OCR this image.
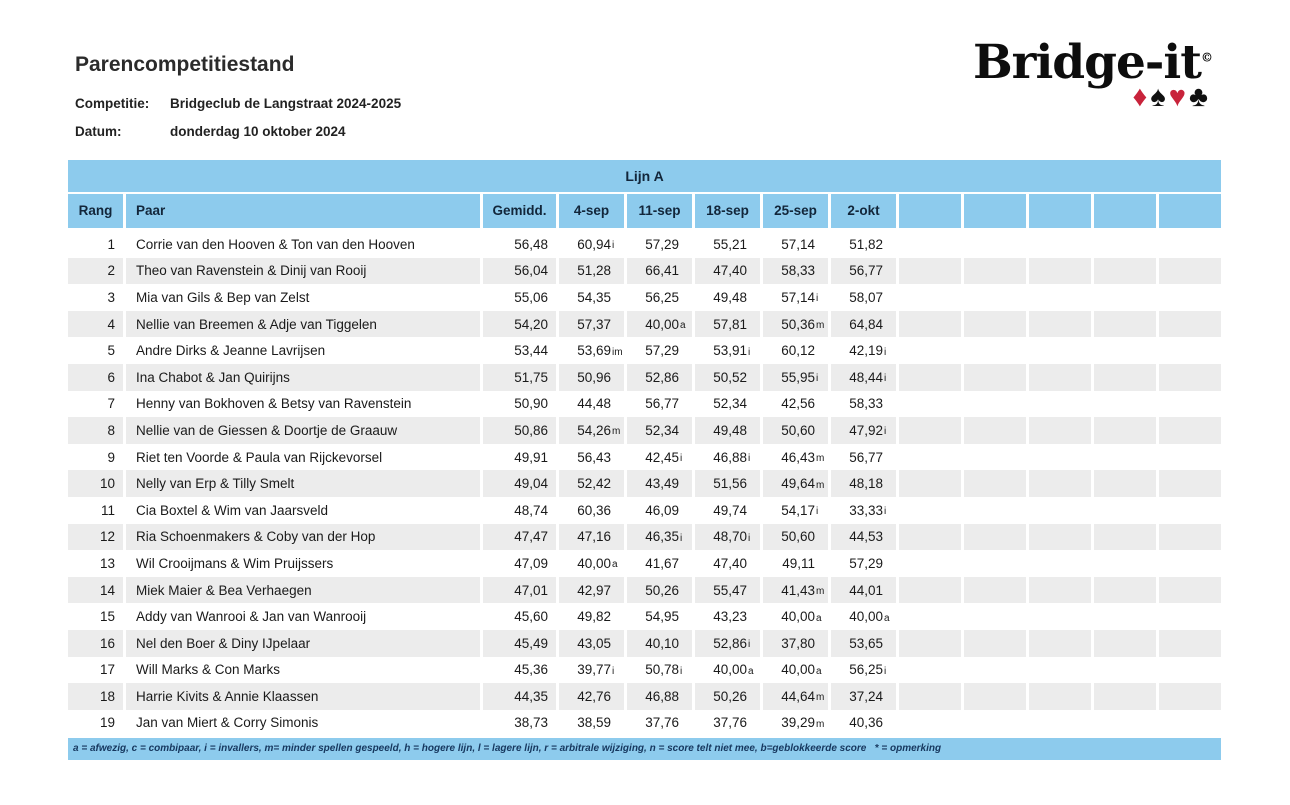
Parencompetitiestand
Competitie:	Bridgeclub de Langstraat 2024-2025
Datum:	donderdag 10 oktober 2024
Bridge-it©
♦♠♥♣
Lijn A
Rang	Paar	Gemidd.	4-sep	11-sep	18-sep	25-sep	2-okt
1	Corrie van den Hooven & Ton van den Hooven	56,48	60,94 i	57,29	55,21	57,14	51,82
2	Theo van Ravenstein & Dinij van Rooij	56,04	51,28	66,41	47,40	58,33	56,77
3	Mia van Gils & Bep van Zelst	55,06	54,35	56,25	49,48	57,14 i	58,07
4	Nellie van Breemen & Adje van Tiggelen	54,20	57,37	40,00 a	57,81	50,36 m	64,84
5	Andre Dirks & Jeanne Lavrijsen	53,44	53,69 im	57,29	53,91 i	60,12	42,19 i
6	Ina Chabot & Jan Quirijns	51,75	50,96	52,86	50,52	55,95 i	48,44 i
7	Henny van Bokhoven & Betsy van Ravenstein	50,90	44,48	56,77	52,34	42,56	58,33
8	Nellie van de Giessen & Doortje de Graauw	50,86	54,26 m	52,34	49,48	50,60	47,92 i
9	Riet ten Voorde & Paula van Rijckevorsel	49,91	56,43	42,45 i	46,88 i	46,43 m	56,77
10	Nelly van Erp & Tilly Smelt	49,04	52,42	43,49	51,56	49,64 m	48,18
11	Cia Boxtel & Wim van Jaarsveld	48,74	60,36	46,09	49,74	54,17 i	33,33 i
12	Ria Schoenmakers & Coby van der Hop	47,47	47,16	46,35 i	48,70 i	50,60	44,53
13	Wil Crooijmans & Wim Pruijssers	47,09	40,00 a	41,67	47,40	49,11	57,29
14	Miek Maier & Bea Verhaegen	47,01	42,97	50,26	55,47	41,43 m	44,01
15	Addy van Wanrooi & Jan van Wanrooij	45,60	49,82	54,95	43,23	40,00 a	40,00 a
16	Nel den Boer & Diny IJpelaar	45,49	43,05	40,10	52,86 i	37,80	53,65
17	Will Marks & Con Marks	45,36	39,77 i	50,78 i	40,00 a	40,00 a	56,25 i
18	Harrie Kivits & Annie Klaassen	44,35	42,76	46,88	50,26	44,64 m	37,24
19	Jan van Miert & Corry Simonis	38,73	38,59	37,76	37,76	39,29 m	40,36
a = afwezig, c = combipaar, i = invallers, m= minder spellen gespeeld, h = hogere lijn, l = lagere lijn, r = arbitrale wijziging, n = score telt niet mee, b=geblokkeerde score   * = opmerking
